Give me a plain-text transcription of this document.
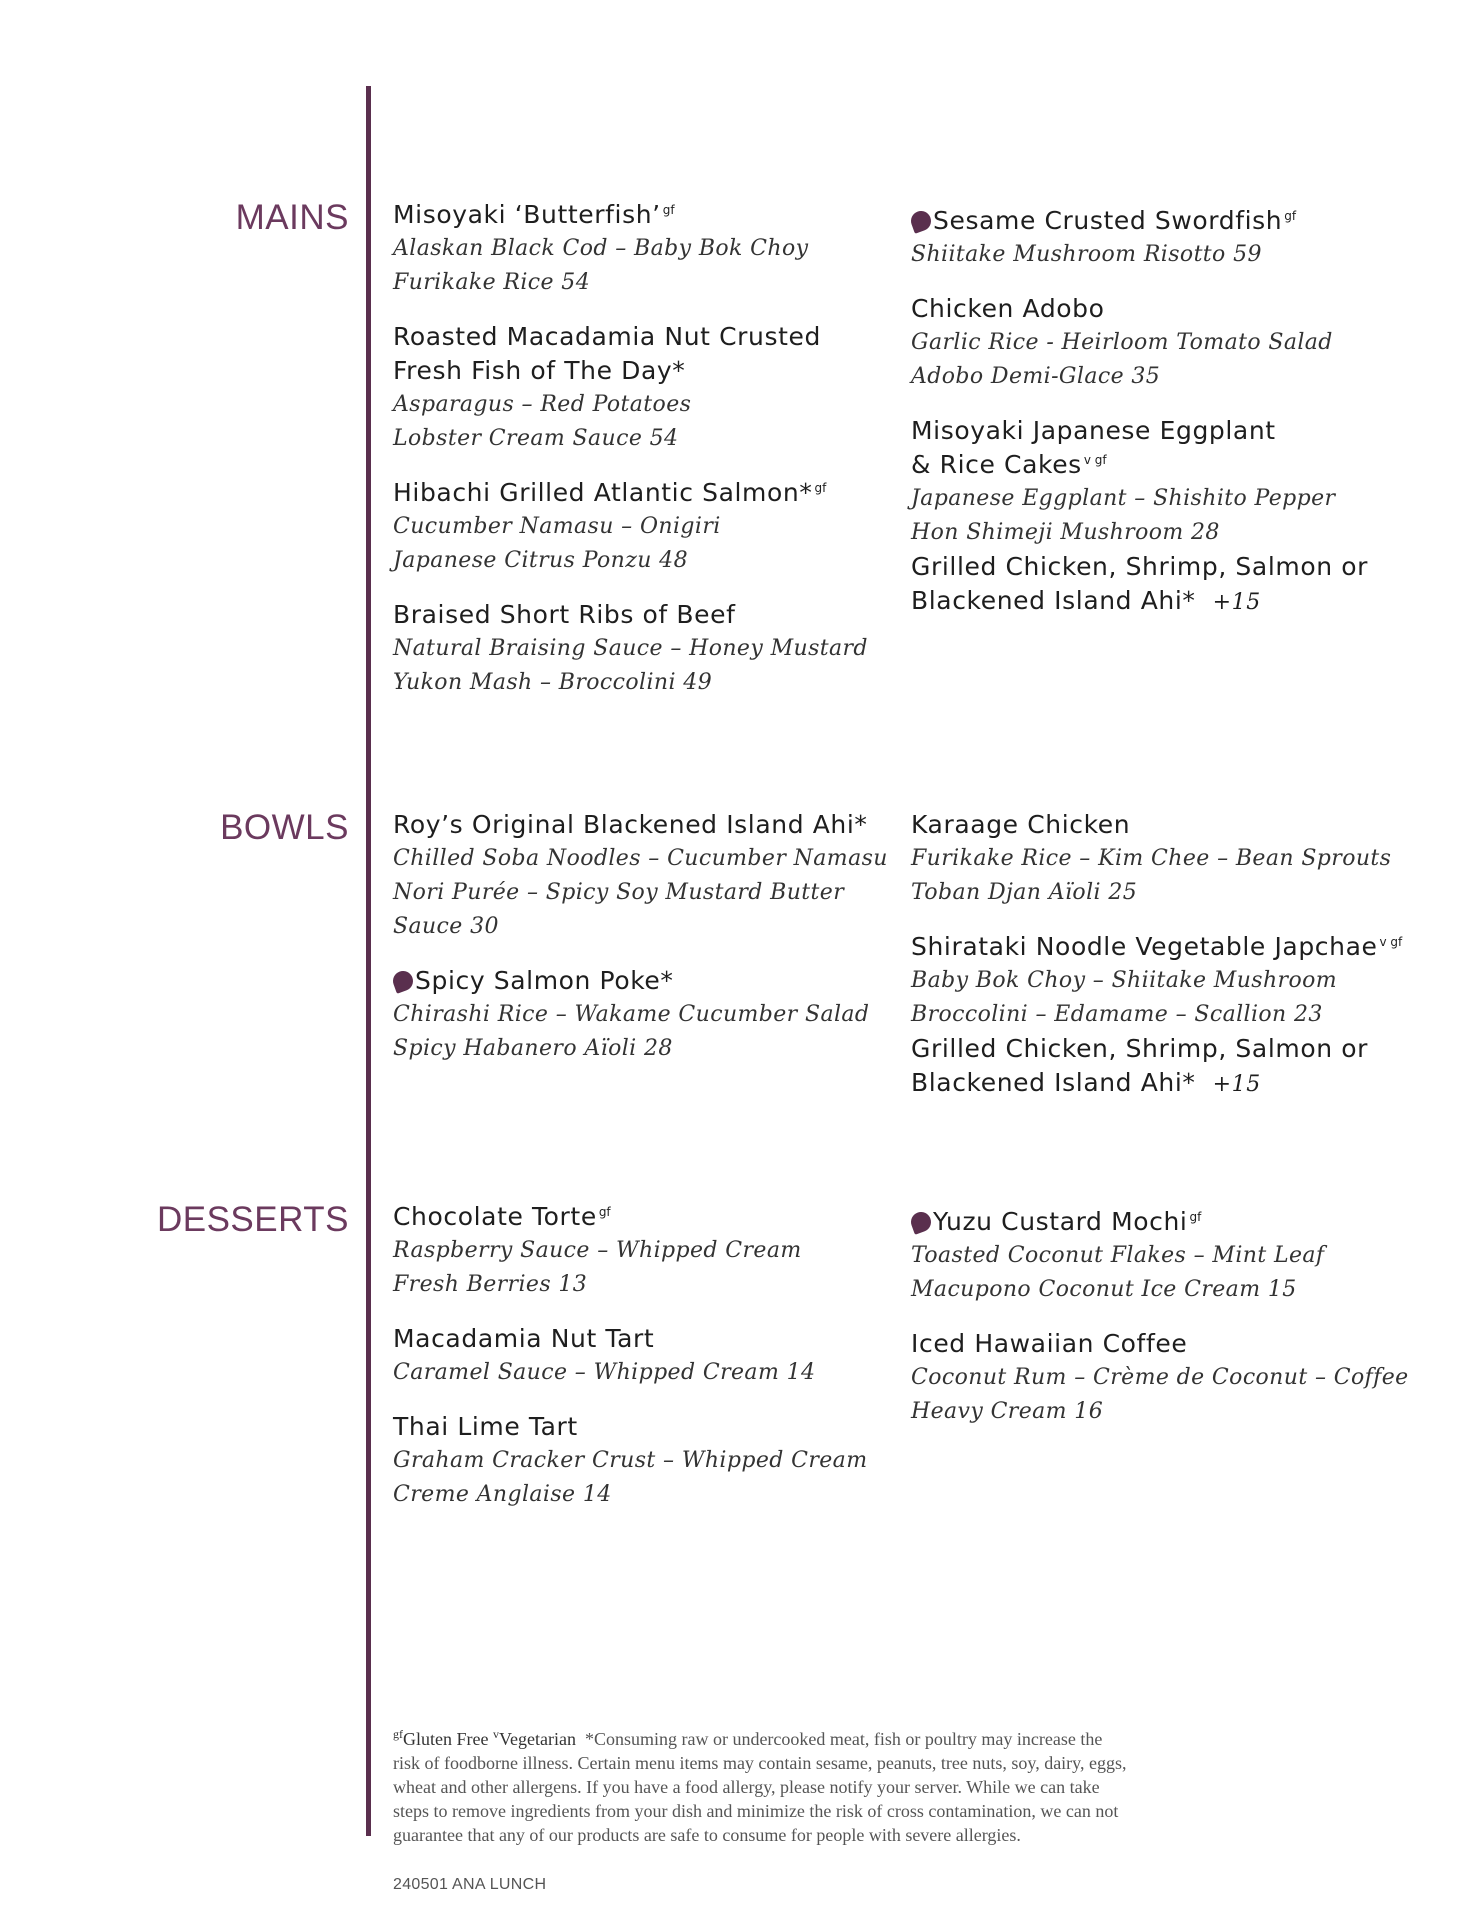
MAINS Misoyaki ‘Butterfish’ $^{gf}$
Alaskan Black Cod – Baby Bok Choy
Furikake Rice 54
Roasted Macadamia Nut Crusted
Fresh Fish of The Day*
Asparagus – Red Potatoes
Lobster Cream Sauce 54
Hibachi Grilled Atlantic Salmon* $^{gf}$
Cucumber Namasu – Onigiri
Japanese Citrus Ponzu 48
Braised Short Ribs of Beef
Natural Braising Sauce – Honey Mustard
Yukon Mash – Broccolini 49
Sesame Crusted Swordfish $^{gf}$
Shiitake Mushroom Risotto 59
Chicken Adobo
Garlic Rice - Heirloom Tomato Salad
Adobo Demi-Glace 35
Misoyaki Japanese Eggplant
& Rice Cakes $^{v gf}$
Japanese Eggplant – Shishito Pepper
Hon Shimeji Mushroom 28
Grilled Chicken, Shrimp, Salmon or
Blackened Island Ahi* +15
BOWLS Roy’s Original Blackened Island Ahi*
Chilled Soba Noodles – Cucumber Namasu
Nori Purée – Spicy Soy Mustard Butter
Sauce 30
Spicy Salmon Poke*
Chirashi Rice – Wakame Cucumber Salad
Spicy Habanero Aïoli 28
Karaage Chicken
Furikake Rice – Kim Chee – Bean Sprouts
Toban Djan Aïoli 25
Shirataki Noodle Vegetable Japchae $^{v gf}$
Baby Bok Choy – Shiitake Mushroom
Broccolini – Edamame – Scallion 23
Grilled Chicken, Shrimp, Salmon or
Blackened Island Ahi* +15
DESSERTS Chocolate Torte $^{gf}$
Raspberry Sauce – Whipped Cream
Fresh Berries 13
Macadamia Nut Tart
Caramel Sauce – Whipped Cream 14
Thai Lime Tart
Graham Cracker Crust – Whipped Cream
Creme Anglaise 14
Yuzu Custard Mochi $^{gf}$
Toasted Coconut Flakes – Mint Leaf
Macupono Coconut Ice Cream 15
Iced Hawaiian Coffee
Coconut Rum – Crème de Coconut – Coffee
Heavy Cream 16
$^{gf}$Gluten Free $^v$Vegetarian *Consuming raw or undercooked meat, fish or poultry may increase the
risk of foodborne illness. Certain menu items may contain sesame, peanuts, tree nuts, soy, dairy, eggs,
wheat and other allergens. If you have a food allergy, please notify your server. While we can take
steps to remove ingredients from your dish and minimize the risk of cross contamination, we can not
guarantee that any of our products are safe to consume for people with severe allergies.
240501 ANA LUNCH
